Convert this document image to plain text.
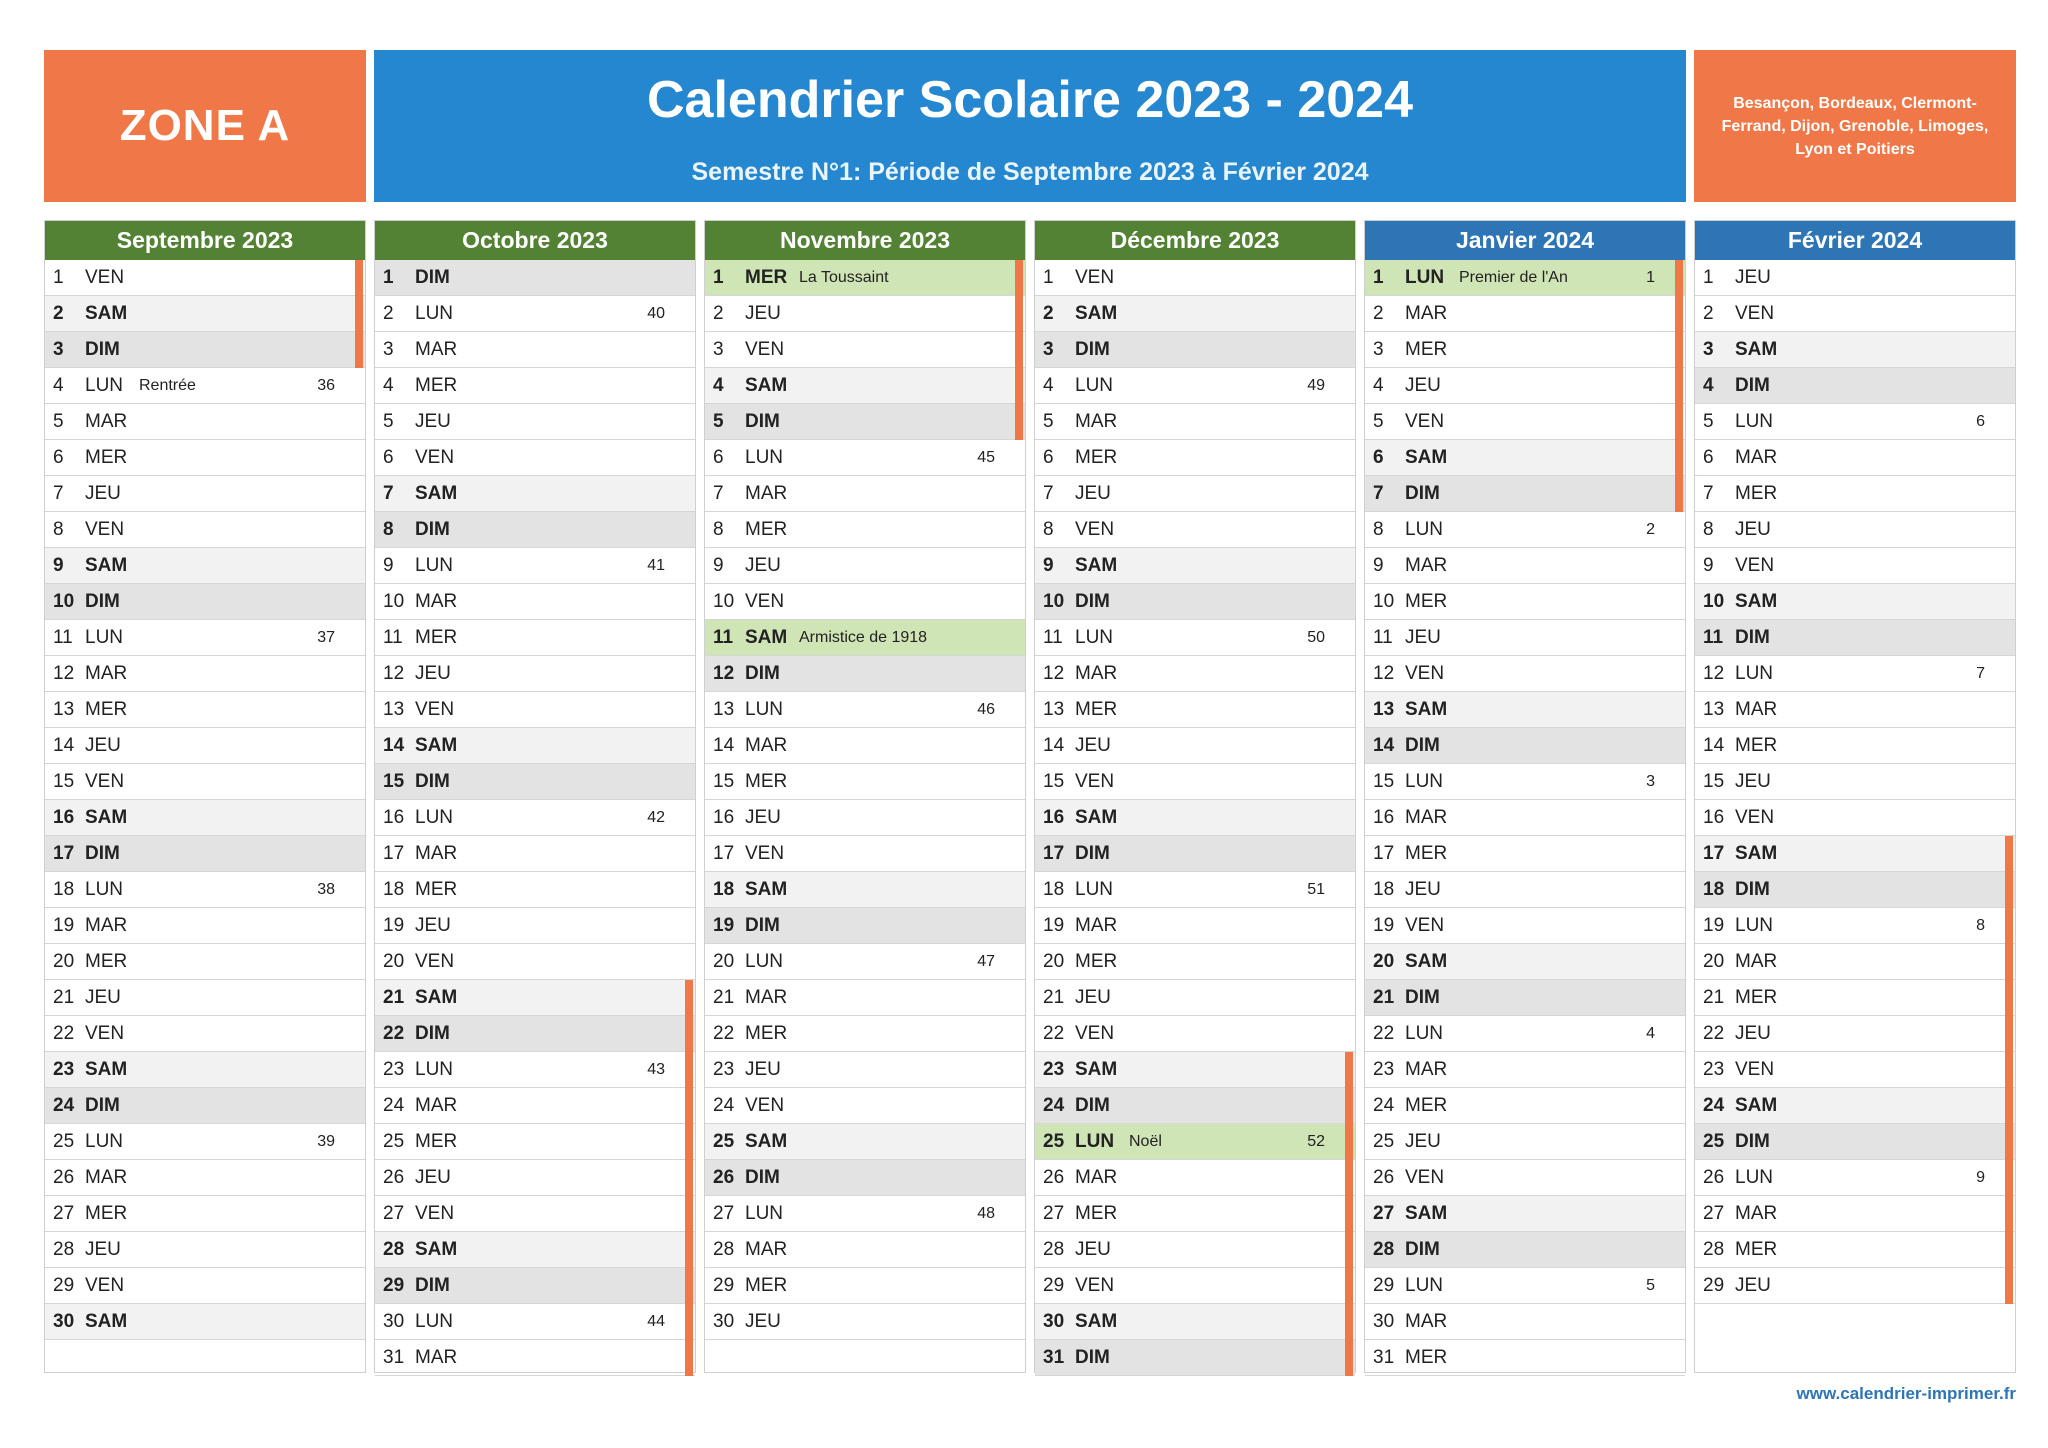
ZONE A	Calendrier Scolaire 2023 - 2024
Semestre N°1: Période de Septembre 2023 à Février 2024
Besançon, Bordeaux, Clermont-Ferrand, Dijon, Grenoble, Limoges, Lyon et Poitiers
Septembre 2023
1	VEN
2	SAM
3	DIM
4	LUN Rentrée	36
5	MAR
6	MER
7	JEU
8	VEN
9	SAM
10 DIM
11 LUN	37
12 MAR
13 MER
14 JEU
15 VEN
16 SAM
17 DIM
18 LUN	38
19 MAR
20 MER
21 JEU
22 VEN
23 SAM
24 DIM
25 LUN	39
26 MAR
27 MER
28 JEU
29 VEN
30 SAM
Octobre 2023
1	DIM
2	LUN	40
3	MAR
4	MER
5	JEU
6	VEN
7	SAM
8	DIM
9	LUN	41
10 MAR
11 MER
12 JEU
13 VEN
14 SAM
15 DIM
16 LUN	42
17 MAR
18 MER
19 JEU
20 VEN
21 SAM
22 DIM
23 LUN	43
24 MAR
25 MER
26 JEU
27 VEN
28 SAM
29 DIM
30 LUN	44
31 MAR
Novembre 2023
1	MER La Toussaint
2	JEU
3	VEN
4	SAM
5	DIM
6	LUN	45
7	MAR
8	MER
9	JEU
10 VEN
11 SAM Armistice de 1918
12 DIM
13 LUN	46
14 MAR
15 MER
16 JEU
17 VEN
18 SAM
19 DIM
20 LUN	47
21 MAR
22 MER
23 JEU
24 VEN
25 SAM
26 DIM
27 LUN	48
28 MAR
29 MER
30 JEU
Décembre 2023
1	VEN
2	SAM
3	DIM
4	LUN	49
5	MAR
6	MER
7	JEU
8	VEN
9	SAM
10 DIM
11 LUN	50
12 MAR
13 MER
14 JEU
15 VEN
16 SAM
17 DIM
18 LUN	51
19 MAR
20 MER
21 JEU
22 VEN
23 SAM
24 DIM
25 LUN Noël	52
26 MAR
27 MER
28 JEU
29 VEN
30 SAM
31 DIM
Janvier 2024
1	LUN Premier de l'An	1
2	MAR
3	MER
4	JEU
5	VEN
6	SAM
7	DIM
8	LUN	2
9	MAR
10 MER
11 JEU
12 VEN
13 SAM
14 DIM
15 LUN	3
16 MAR
17 MER
18 JEU
19 VEN
20 SAM
21 DIM
22 LUN	4
23 MAR
24 MER
25 JEU
26 VEN
27 SAM
28 DIM
29 LUN	5
30 MAR
31 MER
Février 2024
1	JEU
2	VEN
3	SAM
4	DIM
5	LUN	6
6	MAR
7	MER
8	JEU
9	VEN
10 SAM
11 DIM
12 LUN	7
13 MAR
14 MER
15 JEU
16 VEN
17 SAM
18 DIM
19 LUN	8
20 MAR
21 MER
22 JEU
23 VEN
24 SAM
25 DIM
26 LUN	9
27 MAR
28 MER
29 JEU
www.calendrier-imprimer.fr
